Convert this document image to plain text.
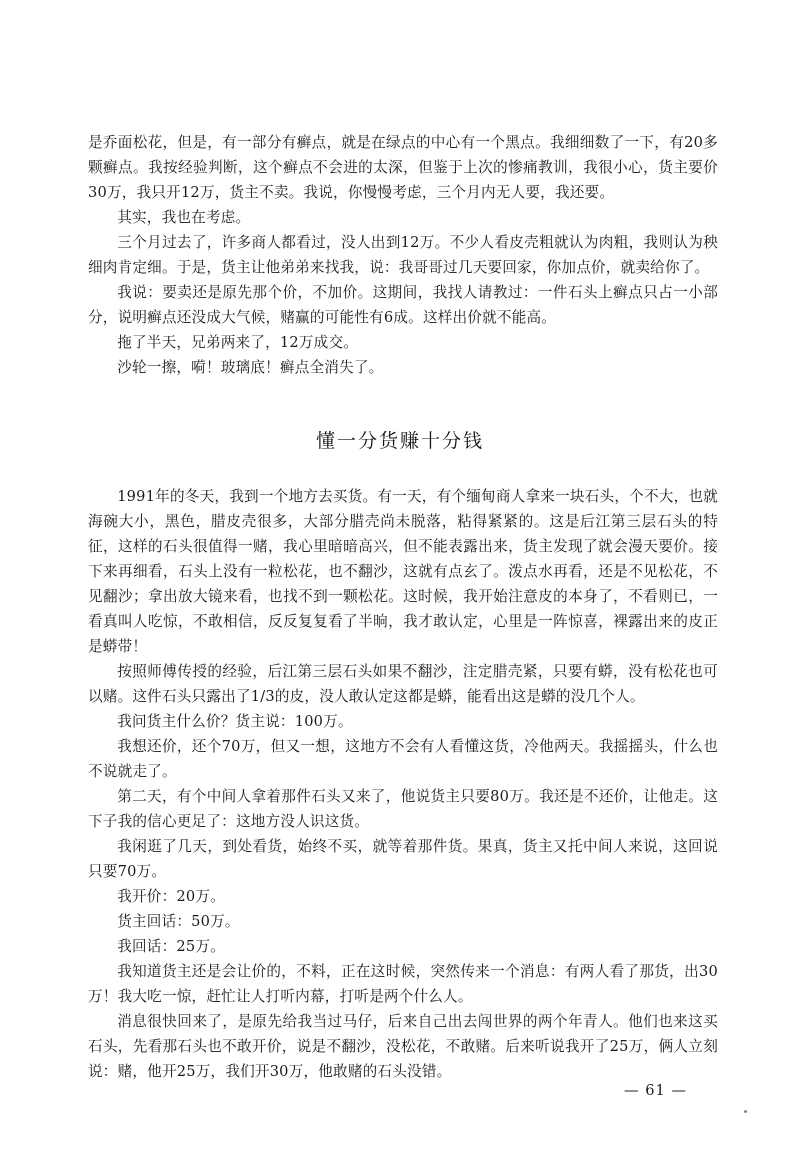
是乔面松花，但是，有一部分有癣点，就是在绿点的中心有一个黑点。我细细数了一下，有20多颗癣点。我按经验判断，这个癣点不会进的太深，但鉴于上次的惨痛教训，我很小心，货主要价30万，我只开12万，货主不卖。我说，你慢慢考虑，三个月内无人要，我还要。

其实，我也在考虑。

三个月过去了，许多商人都看过，没人出到12万。不少人看皮壳粗就认为肉粗，我则认为秧细肉肯定细。于是，货主让他弟弟来找我，说：我哥哥过几天要回家，你加点价，就卖给你了。

我说：要卖还是原先那个价，不加价。这期间，我找人请教过：一件石头上癣点只占一小部分，说明癣点还没成大气候，赌赢的可能性有6成。这样出价就不能高。

拖了半天，兄弟两来了，12万成交。

沙轮一擦，嗬！玻璃底！癣点全消失了。

懂一分货赚十分钱

1991年的冬天，我到一个地方去买货。有一天，有个缅甸商人拿来一块石头，个不大，也就海碗大小，黑色，腊皮壳很多，大部分腊壳尚未脱落，粘得紧紧的。这是后江第三层石头的特征，这样的石头很值得一赌，我心里暗暗高兴，但不能表露出来，货主发现了就会漫天要价。接下来再细看，石头上没有一粒松花，也不翻沙，这就有点玄了。泼点水再看，还是不见松花，不见翻沙；拿出放大镜来看，也找不到一颗松花。这时候，我开始注意皮的本身了，不看则已，一看真叫人吃惊，不敢相信，反反复复看了半晌，我才敢认定，心里是一阵惊喜，裸露出来的皮正是蟒带！

按照师傅传授的经验，后江第三层石头如果不翻沙，注定腊壳紧，只要有蟒，没有松花也可以赌。这件石头只露出了1/3的皮，没人敢认定这都是蟒，能看出这是蟒的没几个人。

我问货主什么价？货主说：100万。

我想还价，还个70万，但又一想，这地方不会有人看懂这货，冷他两天。我摇摇头，什么也不说就走了。

第二天，有个中间人拿着那件石头又来了，他说货主只要80万。我还是不还价，让他走。这下子我的信心更足了：这地方没人识这货。

我闲逛了几天，到处看货，始终不买，就等着那件货。果真，货主又托中间人来说，这回说只要70万。

我开价：20万。

货主回话：50万。

我回话：25万。

我知道货主还是会让价的，不料，正在这时候，突然传来一个消息：有两人看了那货，出30万！我大吃一惊，赶忙让人打听内幕，打听是两个什么人。

消息很快回来了，是原先给我当过马仔，后来自己出去闯世界的两个年青人。他们也来这买石头，先看那石头也不敢开价，说是不翻沙，没松花，不敢赌。后来听说我开了25万，俩人立刻说：赌，他开25万，我们开30万，他敢赌的石头没错。

— 61 —
